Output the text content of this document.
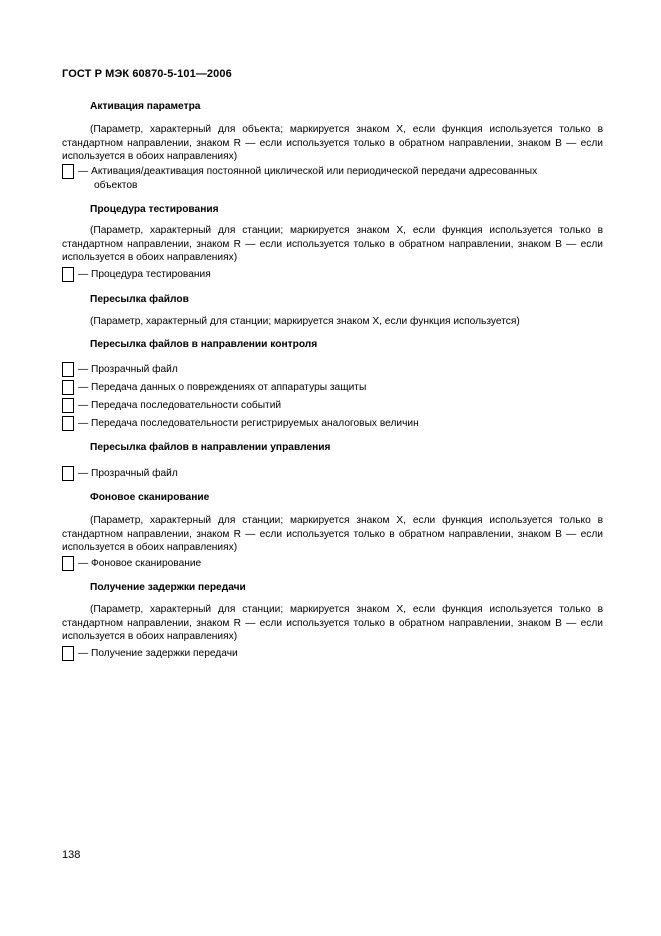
ГОСТ Р МЭК 60870-5-101—2006
Активация параметра
(Параметр, характерный для объекта; маркируется знаком X, если функция используется только в стандартном направлении, знаком R — если используется только в обратном направлении, знаком B — если используется в обоих направлениях)
— Активация/деактивация постоянной циклической или периодической передачи адресованных
объектов
Процедура тестирования
(Параметр, характерный для станции; маркируется знаком X, если функция используется только в стандартном направлении, знаком R — если используется только в обратном направлении, знаком B — если используется в обоих направлениях)
— Процедура тестирования
Пересылка файлов
(Параметр, характерный для станции; маркируется знаком X, если функция используется)
Пересылка файлов в направлении контроля
— Прозрачный файл
— Передача данных о повреждениях от аппаратуры защиты
— Передача последовательности событий
— Передача последовательности регистрируемых аналоговых величин
Пересылка файлов в направлении управления
— Прозрачный файл
Фоновое сканирование
(Параметр, характерный для станции; маркируется знаком X, если функция используется только в стандартном направлении, знаком R — если используется только в обратном направлении, знаком B — если используется в обоих направлениях)
— Фоновое сканирование
Получение задержки передачи
(Параметр, характерный для станции; маркируется знаком X, если функция используется только в стандартном направлении, знаком R — если используется только в обратном направлении, знаком B — если используется в обоих направлениях)
— Получение задержки передачи
138
